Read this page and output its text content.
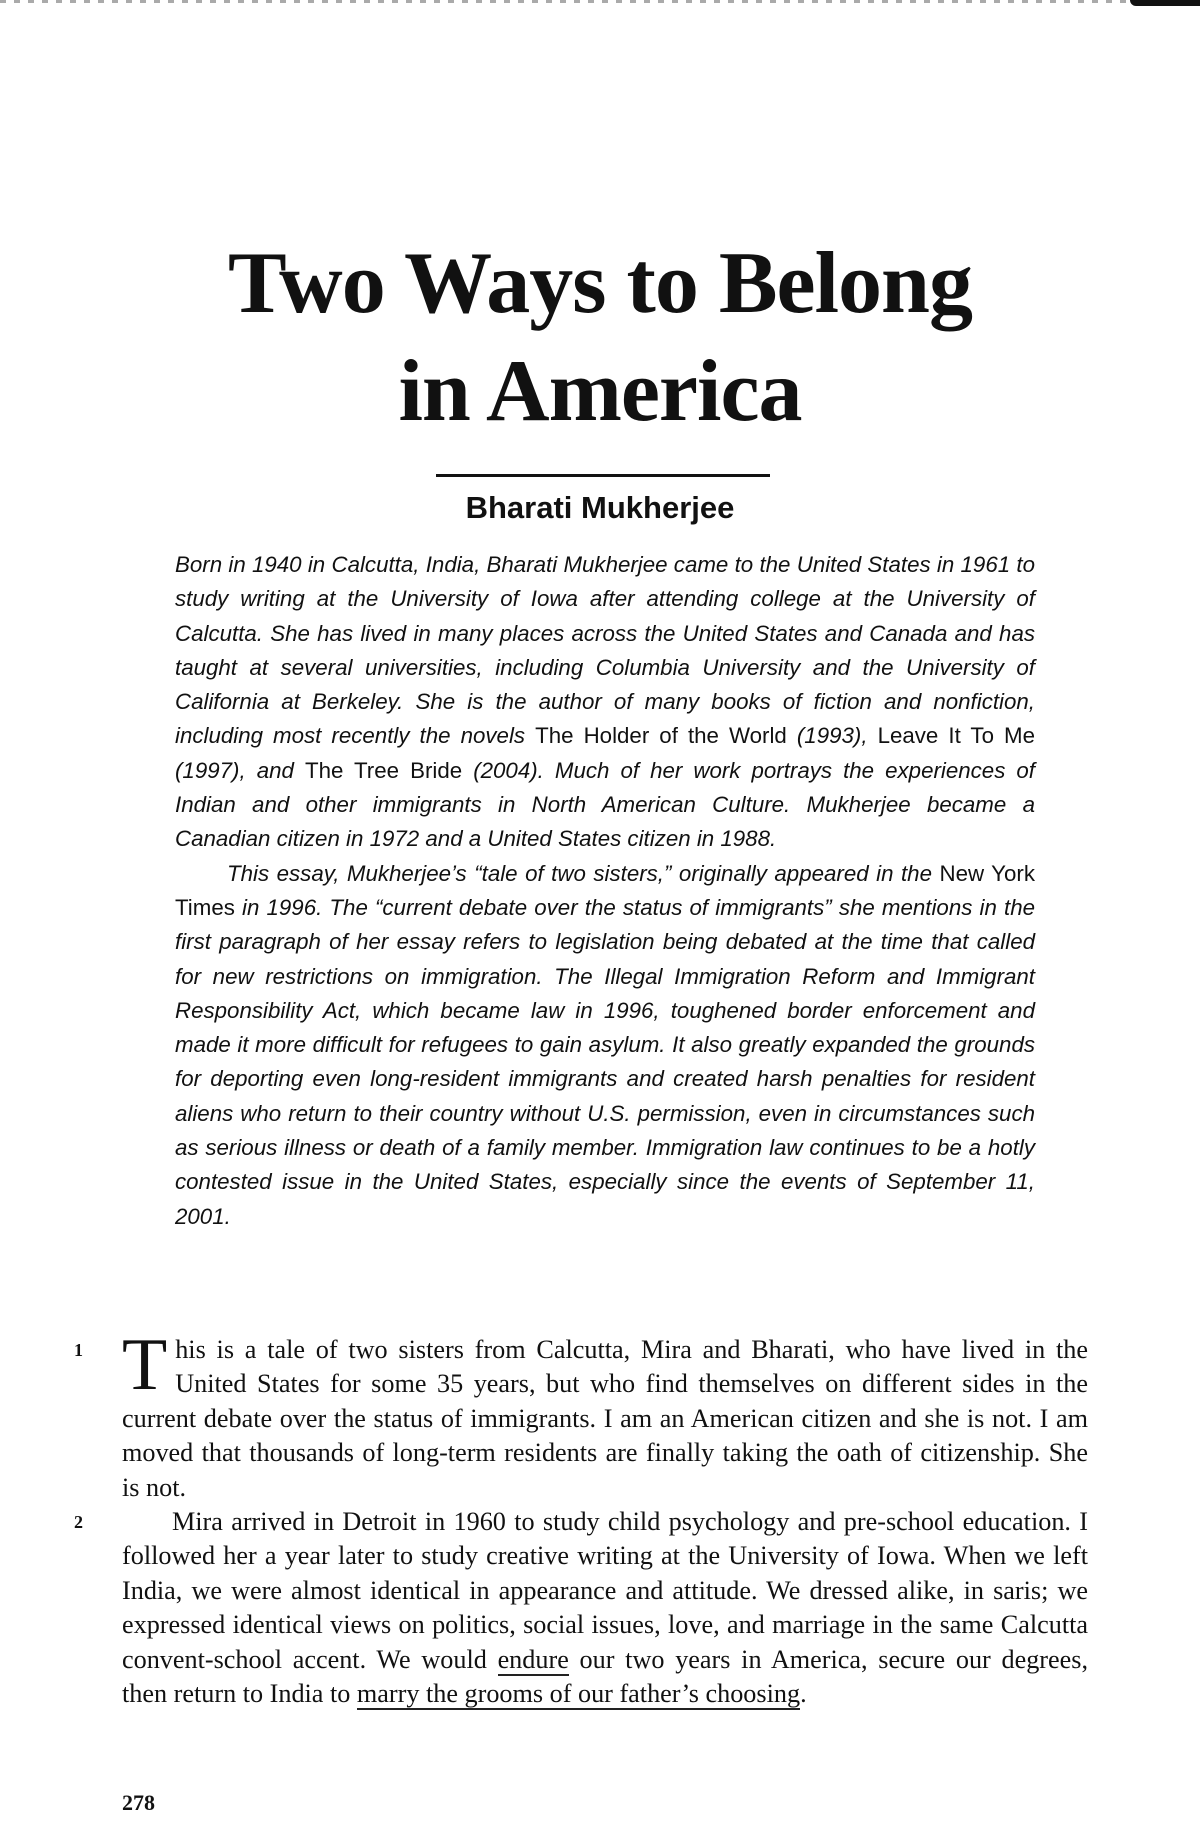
Two Ways to Belong
in America
Bharati Mukherjee

Born in 1940 in Calcutta, India, Bharati Mukherjee came to the United States in 1961 to study writing at the University of Iowa after attending college at the University of Calcutta. She has lived in many places across the United States and Canada and has taught at several universities, including Columbia University and the University of California at Berkeley. She is the author of many books of fiction and nonfiction, including most recently the novels The Holder of the World (1993), Leave It To Me (1997), and The Tree Bride (2004). Much of her work portrays the experiences of Indian and other immigrants in North American Culture. Mukherjee became a Canadian citizen in 1972 and a United States citizen in 1988.

This essay, Mukherjee’s “tale of two sisters,” originally appeared in the New York Times in 1996. The “current debate over the status of immigrants” she mentions in the first paragraph of her essay refers to legislation being debated at the time that called for new restrictions on immigration. The Illegal Immigration Reform and Immigrant Responsibility Act, which became law in 1996, toughened border enforcement and made it more difficult for refugees to gain asylum. It also greatly expanded the grounds for deporting even long-resident immigrants and created harsh penalties for resident aliens who return to their country without U.S. permission, even in circumstances such as serious illness or death of a family member. Immigration law continues to be a hotly contested issue in the United States, especially since the events of September 11, 2001.

1 T his is a tale of two sisters from Calcutta, Mira and Bharati, who have lived in the United States for some 35 years, but who find themselves on different sides in the current debate over the status of immigrants. I am an American citizen and she is not. I am moved that thousands of long-term residents are finally taking the oath of citizenship. She is not.

2	Mira arrived in Detroit in 1960 to study child psychology and pre-school education. I followed her a year later to study creative writing at the University of Iowa. When we left India, we were almost identical in appearance and attitude. We dressed alike, in saris; we expressed identical views on politics, social issues, love, and marriage in the same Calcutta convent-school accent. We would endure our two years in America, secure our degrees, then return to India to marry the grooms of our father’s choosing.

278
